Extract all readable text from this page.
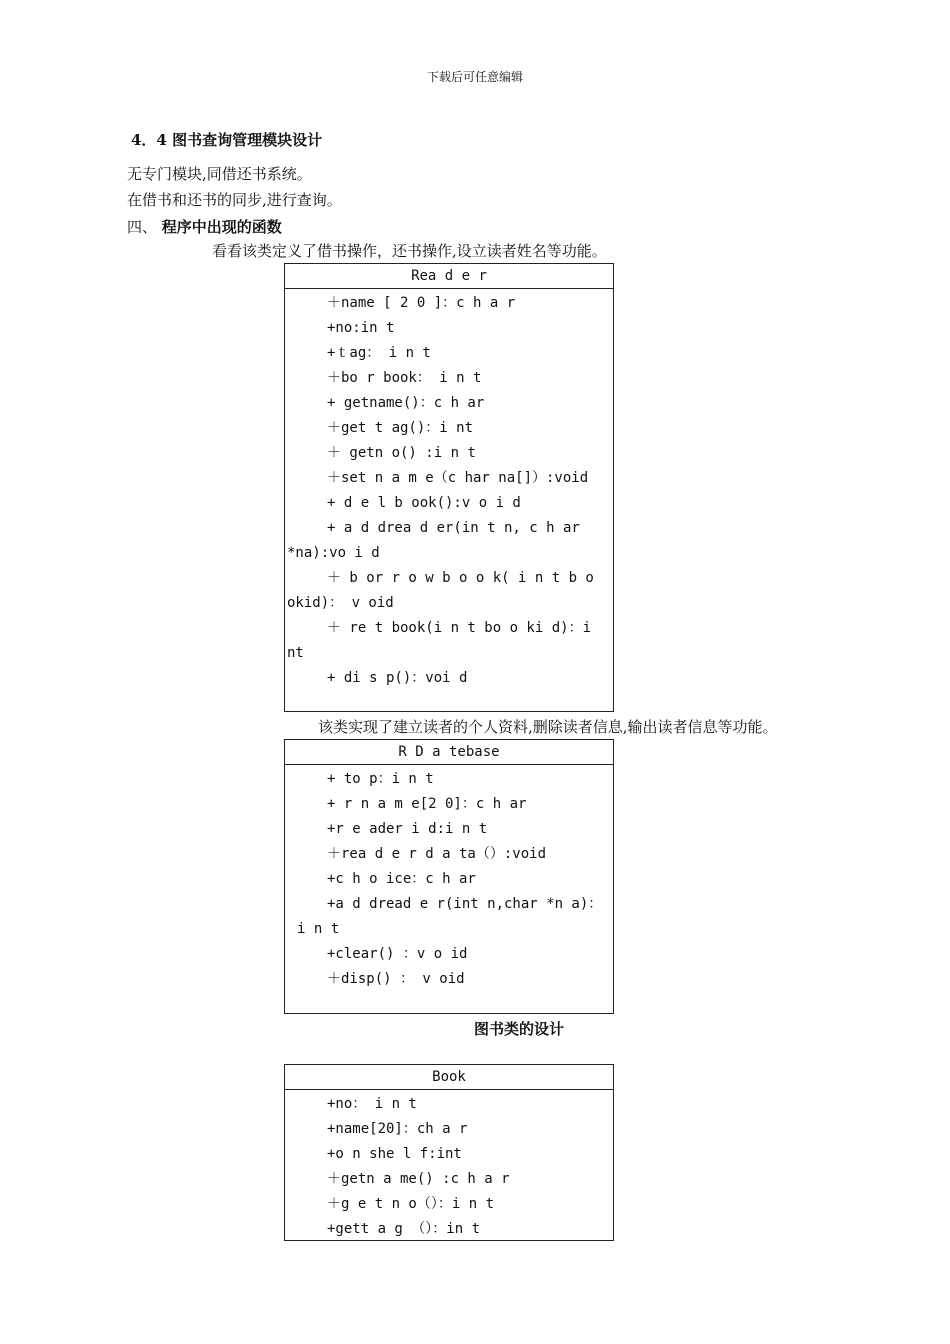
下载后可任意编辑
4．4 图书查询管理模块设计
无专门模块,同借还书系统。
在借书和还书的同步,进行查询。
四、 程序中出现的函数
看看该类定义了借书操作，还书操作,设立读者姓名等功能。
Rea d e r
＋name [ 2 0 ]：c h a r
+no:in t
+ｔag： i n t
＋bo r book： i n t
+ getname()：c h ar
＋get t ag()：i nt
＋ getn o() :i n t
＋set n a m e（c har na[]）:void
+ d e l b ook():v o i d
+ a d drea d er(in t n, c h ar
*na):vo i d
＋ b or r o w b o o k( i n t b o
okid)： v oid
＋ re t book(i n t bo o ki d)：i
nt
+ di s p()：voi d
该类实现了建立读者的个人资料,删除读者信息,输出读者信息等功能。
R D a tebase
+ to p：i n t
+ r n a m e[2 0]：c h ar
+r e ader i d:i n t
＋rea d e r d a ta（）:void
+c h o ice：c h ar
+a d dread e r(int n,char *n a)：
i n t
+clear() ：v o id
＋disp() ： v oid
图书类的设计
Book
+no： i n t
+name[20]：ch a r
+o n she l f:int
＋getn a me() :c h a r
＋g e t n o（）：i n t
+gett a g （）：in t
